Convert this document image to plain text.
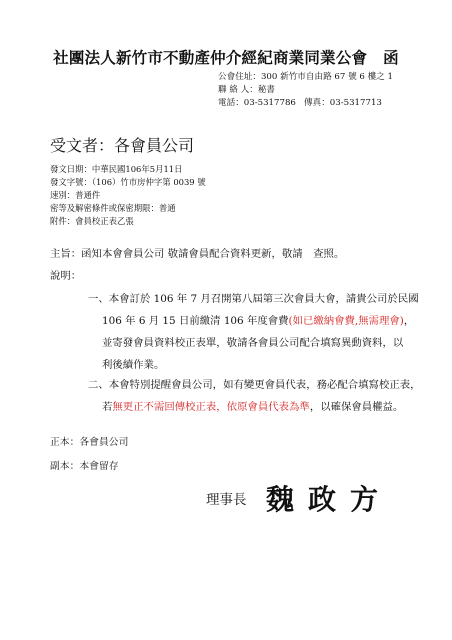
社團法人新竹市不動產仲介經紀商業同業公會 函
公會住址：300 新竹市自由路 67 號 6 樓之 1
聯 絡 人：秘書
電話：03-5317786 傳真：03-5317713
受文者：各會員公司
發文日期：中華民國106年5月11日
發文字號：（106）竹市房仲字第 0039 號
速別：普通件
密等及解密條件或保密期限：普通
附件：會員校正表乙張
主旨：函知本會會員公司 敬請會員配合資料更新，敬請　查照。
說明：

一、本會訂於 106 年 7 月召開第八屆第三次會員大會，請貴公司於民國

106 年 6 月 15 日前繳清 106 年度會費(如已繳納會費,無需理會)，

並寄發會員資料校正表單，敬請各會員公司配合填寫異動資料，以

利後續作業。

二、本會特別提醒會員公司，如有變更會員代表，務必配合填寫校正表，

若無更正不需回傳校正表，依原會員代表為準，以確保會員權益。

正本：各會員公司
副本：本會留存
理事長 魏政方
